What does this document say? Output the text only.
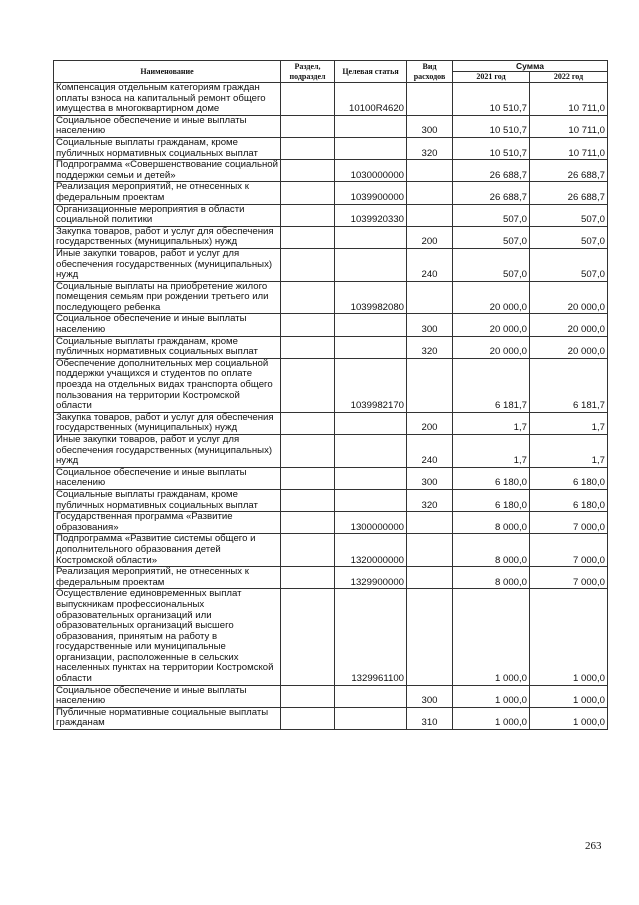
Наименование	Раздел, подраздел	Целевая статья	Вид расходов	Сумма	
				2021 год	2022 год
Компенсация отдельным категориям граждан оплаты взноса на капитальный ремонт общего имущества в многоквартирном доме		10100R4620		10 510,7	10 711,0
Социальное обеспечение и иные выплаты населению			300	10 510,7	10 711,0
Социальные выплаты гражданам, кроме публичных нормативных социальных выплат			320	10 510,7	10 711,0
Подпрограмма «Совершенствование социальной поддержки семьи и детей»		1030000000		26 688,7	26 688,7
Реализация мероприятий, не отнесенных к федеральным проектам		1039900000		26 688,7	26 688,7
Организационные мероприятия в области социальной политики		1039920330		507,0	507,0
Закупка товаров, работ и услуг для обеспечения государственных (муниципальных) нужд			200	507,0	507,0
Иные закупки товаров, работ и услуг для обеспечения государственных (муниципальных) нужд			240	507,0	507,0
Социальные выплаты на приобретение жилого помещения семьям при рождении третьего или последующего ребенка		1039982080		20 000,0	20 000,0
Социальное обеспечение и иные выплаты населению			300	20 000,0	20 000,0
Социальные выплаты гражданам, кроме публичных нормативных социальных выплат			320	20 000,0	20 000,0
Обеспечение дополнительных мер социальной поддержки учащихся и студентов по оплате проезда на отдельных видах транспорта общего пользования на территории Костромской области		1039982170		6 181,7	6 181,7
Закупка товаров, работ и услуг для обеспечения государственных (муниципальных) нужд			200	1,7	1,7
Иные закупки товаров, работ и услуг для обеспечения государственных (муниципальных) нужд			240	1,7	1,7
Социальное обеспечение и иные выплаты населению			300	6 180,0	6 180,0
Социальные выплаты гражданам, кроме публичных нормативных социальных выплат			320	6 180,0	6 180,0
Государственная программа «Развитие образования»		1300000000		8 000,0	7 000,0
Подпрограмма «Развитие системы общего и дополнительного образования детей Костромской области»		1320000000		8 000,0	7 000,0
Реализация мероприятий, не отнесенных к федеральным проектам		1329900000		8 000,0	7 000,0
Осуществление единовременных выплат выпускникам профессиональных образовательных организаций или образовательных организаций высшего образования, принятым на работу в государственные или муниципальные организации, расположенные в сельских населенных пунктах на территории Костромской области		1329961100		1 000,0	1 000,0
Социальное обеспечение и иные выплаты населению			300	1 000,0	1 000,0
Публичные нормативные социальные выплаты гражданам			310	1 000,0	1 000,0
263
